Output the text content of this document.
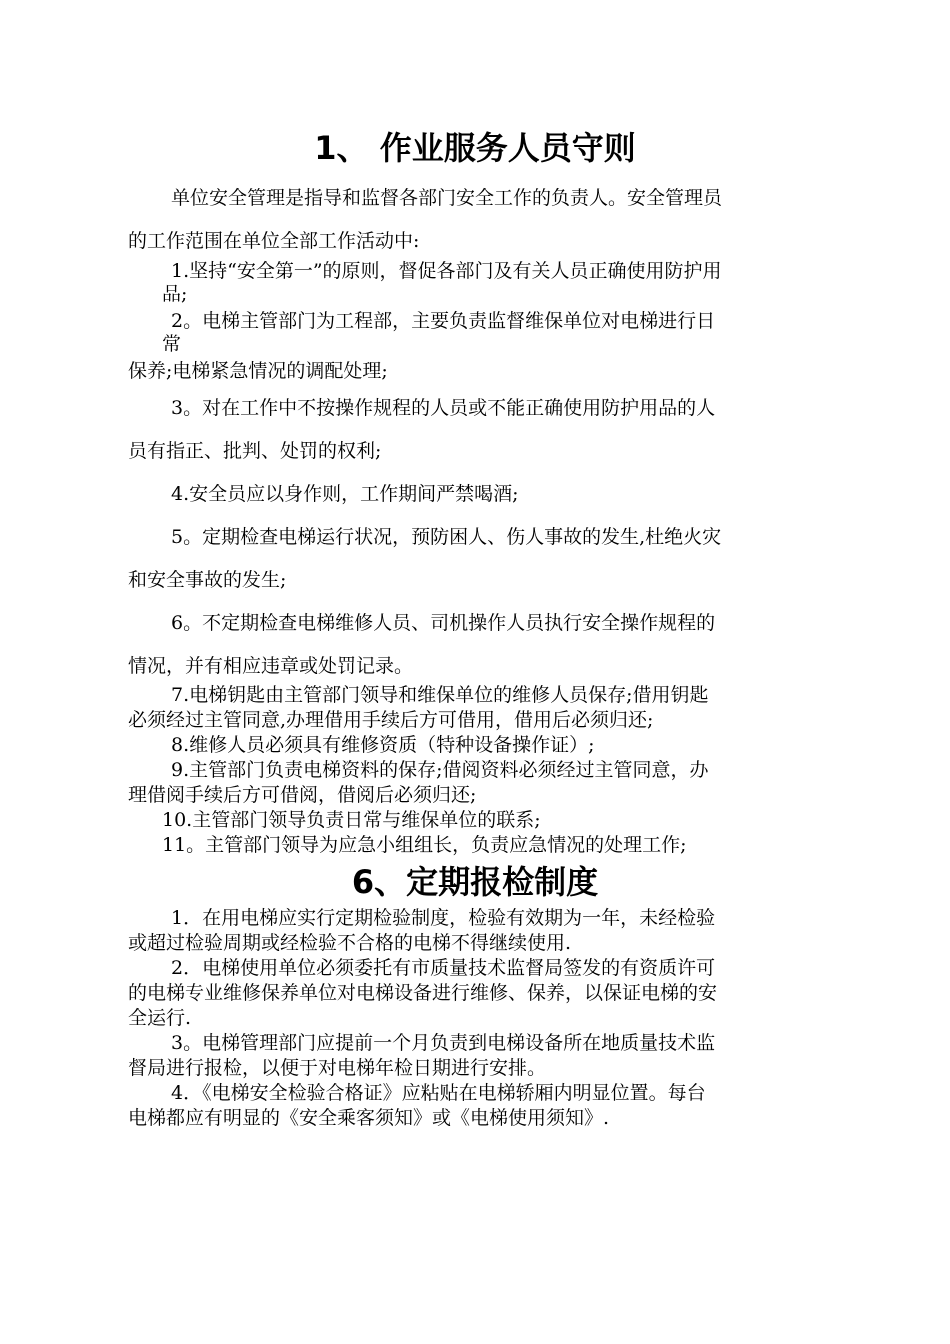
1、 作业服务人员守则

单位安全管理是指导和监督各部门安全工作的负责人。安全管理员

的工作范围在单位全部工作活动中:

1.坚持“安全第一”的原则，督促各部门及有关人员正确使用防护用

品;

2。电梯主管部门为工程部，主要负责监督维保单位对电梯进行日

常

保养;电梯紧急情况的调配处理;

3。对在工作中不按操作规程的人员或不能正确使用防护用品的人

员有指正、批判、处罚的权利;

4.安全员应以身作则，工作期间严禁喝酒;

5。定期检查电梯运行状况，预防困人、伤人事故的发生,杜绝火灾

和安全事故的发生;

6。不定期检查电梯维修人员、司机操作人员执行安全操作规程的

情况，并有相应违章或处罚记录。

7.电梯钥匙由主管部门领导和维保单位的维修人员保存;借用钥匙

必须经过主管同意,办理借用手续后方可借用，借用后必须归还;

8.维修人员必须具有维修资质（特种设备操作证）;

9.主管部门负责电梯资料的保存;借阅资料必须经过主管同意，办

理借阅手续后方可借阅，借阅后必须归还;

10.主管部门领导负责日常与维保单位的联系;

11。主管部门领导为应急小组组长，负责应急情况的处理工作;

6、定期报检制度

1．在用电梯应实行定期检验制度，检验有效期为一年，未经检验

或超过检验周期或经检验不合格的电梯不得继续使用.

2．电梯使用单位必须委托有市质量技术监督局签发的有资质许可

的电梯专业维修保养单位对电梯设备进行维修、保养，以保证电梯的安

全运行.

3。电梯管理部门应提前一个月负责到电梯设备所在地质量技术监

督局进行报检，以便于对电梯年检日期进行安排。

4．《电梯安全检验合格证》应粘贴在电梯轿厢内明显位置。每台

电梯都应有明显的《安全乘客须知》或《电梯使用须知》.
